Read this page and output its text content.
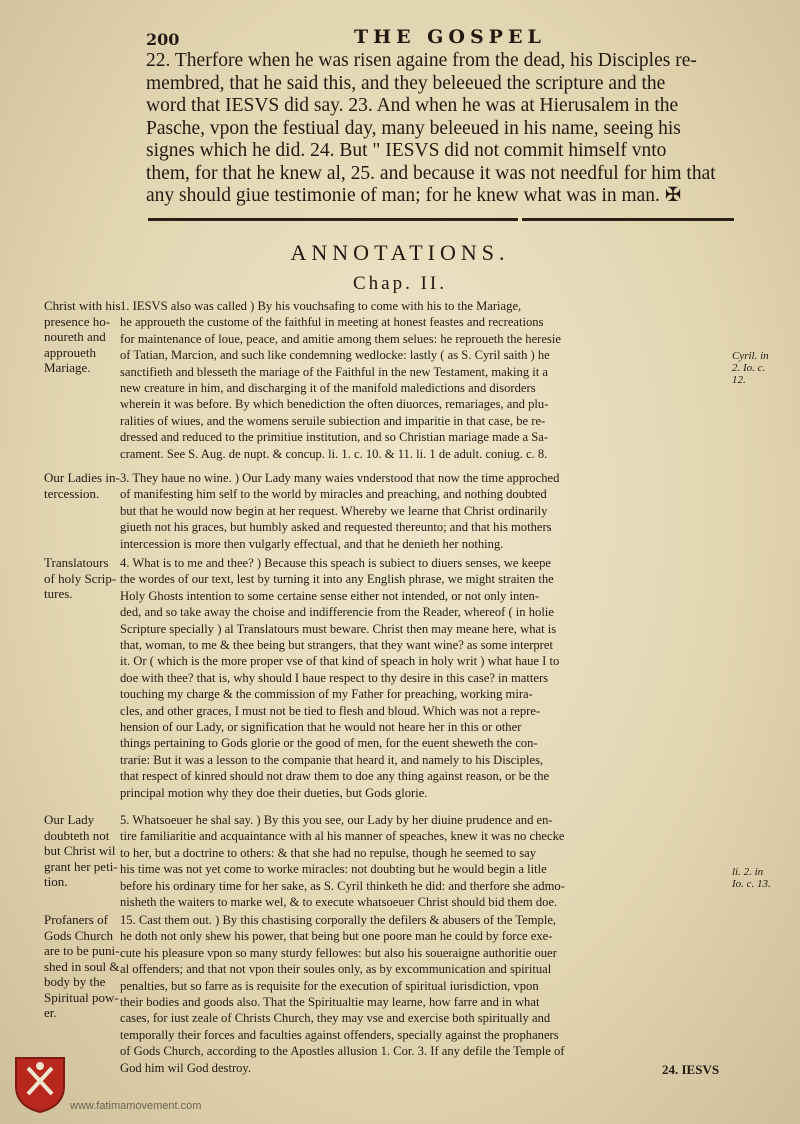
200	THE GOSPEL

22. Therfore when he was risen againe from the dead, his Disciples re-

membred, that he said this, and they beleeued the scripture and the

word that IESVS did say. 23. And when he was at Hierusalem in the

Pasche, vpon the festiual day, many beleeued in his name, seeing his

signes which he did. 24. But " IESVS did not commit himself vnto

them, for that he knew al, 25. and because it was not needful for him that

any should giue testimonie of man; for he knew what was in man. ✠

ANNOTATIONS.
Chap. II.

1. IESVS also was called ) By his vouchsafing to come with his to the Mariage,

he approueth the custome of the faithful in meeting at honest feastes and recreations

for maintenance of loue, peace, and amitie among them selues: he reproueth the heresie

of Tatian, Marcion, and such like condemning wedlocke: lastly ( as S. Cyril saith ) he

sanctifieth and blesseth the mariage of the Faithful in the new Testament, making it a

new creature in him, and discharging it of the manifold maledictions and disorders

wherein it was before. By which benediction the often diuorces, remariages, and plu-

ralities of wiues, and the womens seruile subiection and imparitie in that case, be re-

dressed and reduced to the primitiue institution, and so Christian mariage made a Sa-

crament. See S. Aug. de nupt. & concup. li. 1. c. 10. & 11. li. 1 de adult. coniug. c. 8.

3. They haue no wine. ) Our Lady many waies vnderstood that now the time approched

of manifesting him self to the world by miracles and preaching, and nothing doubted

but that he would now begin at her request. Whereby we learne that Christ ordinarily

giueth not his graces, but humbly asked and requested thereunto; and that his mothers

intercession is more then vulgarly effectual, and that he denieth her nothing.

4. What is to me and thee? ) Because this speach is subiect to diuers senses, we keepe

the wordes of our text, lest by turning it into any English phrase, we might straiten the

Holy Ghosts intention to some certaine sense either not intended, or not only inten-

ded, and so take away the choise and indifferencie from the Reader, whereof ( in holie

Scripture specially ) al Translatours must beware. Christ then may meane here, what is

that, woman, to me & thee being but strangers, that they want wine? as some interpret

it. Or ( which is the more proper vse of that kind of speach in holy writ ) what haue I to

doe with thee? that is, why should I haue respect to thy desire in this case? in matters

touching my charge & the commission of my Father for preaching, working mira-

cles, and other graces, I must not be tied to flesh and bloud. Which was not a repre-

hension of our Lady, or signification that he would not heare her in this or other

things pertaining to Gods glorie or the good of men, for the euent sheweth the con-

trarie: But it was a lesson to the companie that heard it, and namely to his Disciples,

that respect of kinred should not draw them to doe any thing against reason, or be the

principal motion why they doe their dueties, but Gods glorie.

5. Whatsoeuer he shal say. ) By this you see, our Lady by her diuine prudence and en-

tire familiaritie and acquaintance with al his manner of speaches, knew it was no checke

to her, but a doctrine to others: & that she had no repulse, though he seemed to say

his time was not yet come to worke miracles: not doubting but he would begin a litle

before his ordinary time for her sake, as S. Cyril thinketh he did: and therfore she admo-

nisheth the waiters to marke wel, & to execute whatsoeuer Christ should bid them doe.

15. Cast them out. ) By this chastising corporally the defilers & abusers of the Temple,

he doth not only shew his power, that being but one poore man he could by force exe-

cute his pleasure vpon so many sturdy fellowes: but also his soueraigne authoritie ouer

al offenders; and that not vpon their soules only, as by excommunication and spiritual

penalties, but so farre as is requisite for the execution of spiritual iurisdiction, vpon

their bodies and goods also. That the Spiritualtie may learne, how farre and in what

cases, for iust zeale of Christs Church, they may vse and exercise both spiritually and

temporally their forces and faculties against offenders, specially against the prophaners

of Gods Church, according to the Apostles allusion 1. Cor. 3. If any defile the Temple of

God him wil God destroy.

Christ with his
presence ho-
noureth and
approueth
Mariage.
Our Ladies in-
tercession.
Translatours
of holy Scrip-
tures.
Our Lady
doubteth not
but Christ wil
grant her peti-
tion.
Profaners of
Gods Church
are to be puni-
shed in soul &
body by the
Spiritual pow-
er.
Cyril. in
2. Io. c.
12.
li. 2. in
Io. c. 13.
24. IESVS
www.fatimamovement.com
